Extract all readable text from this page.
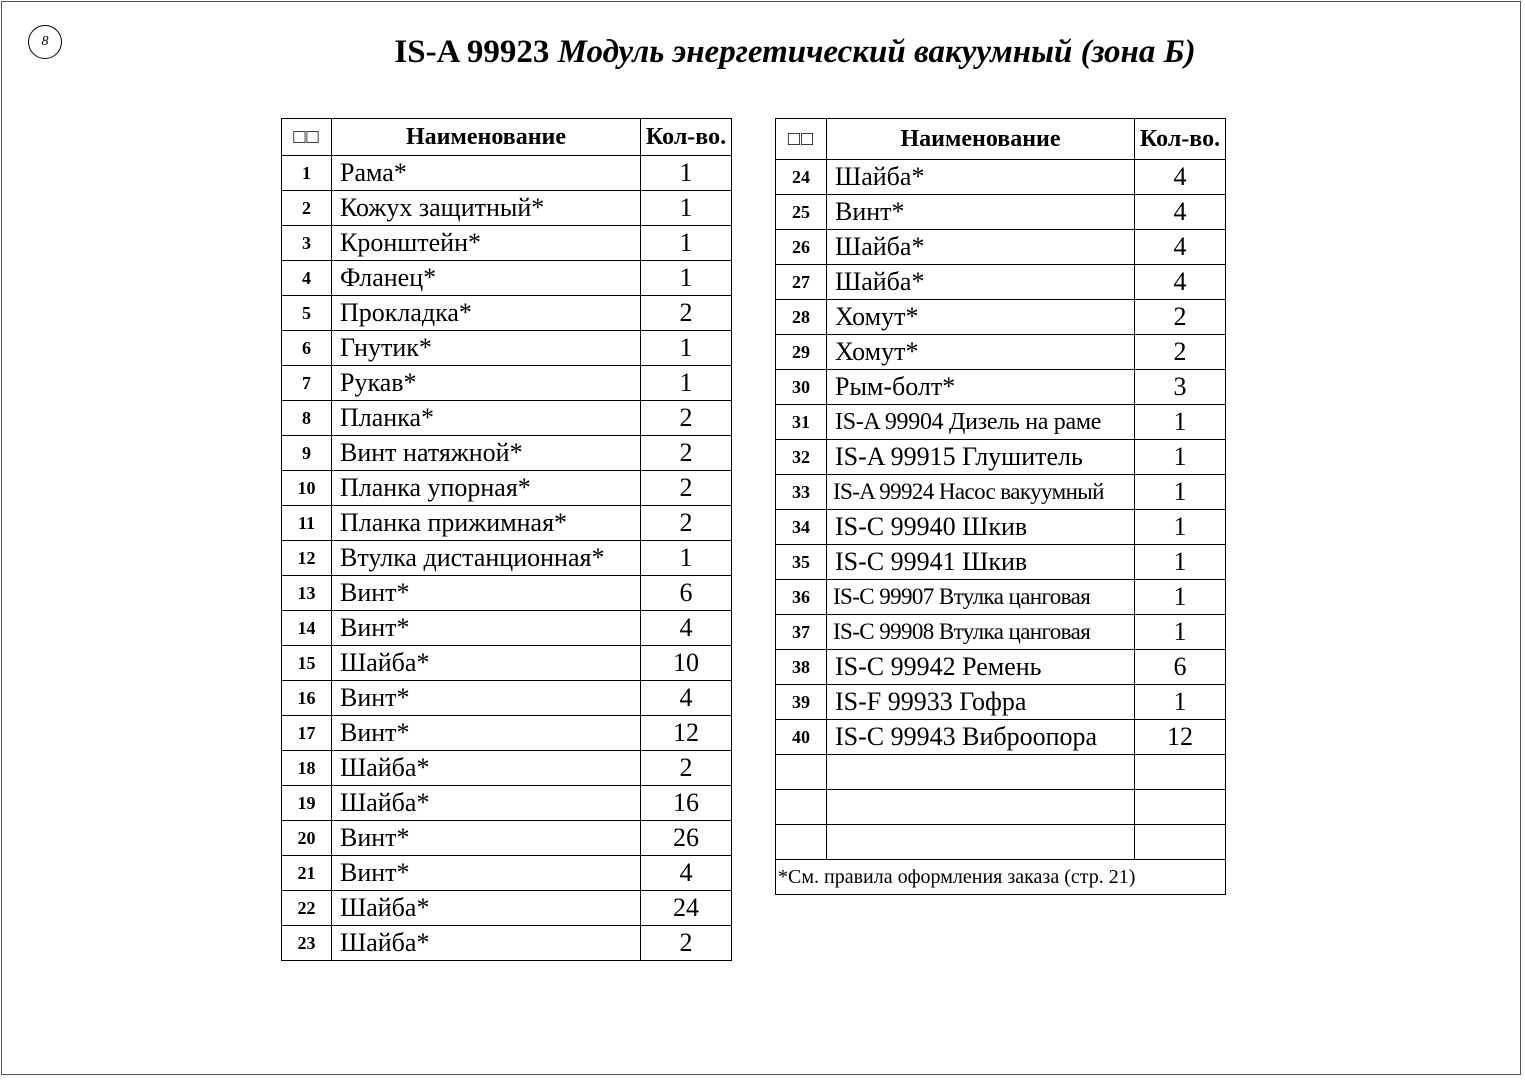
8	IS-A 99923 Модуль энергетический вакуумный (зона Б)
□□	Наименование	Кол-во.
1	Рама*	1
2	Кожух защитный*	1
3	Кронштейн*	1
4	Фланец*	1
5	Прокладка*	2
6	Гнутик*	1
7	Рукав*	1
8	Планка*	2
9	Винт натяжной*	2
10	Планка упорная*	2
11	Планка прижимная*	2
12	Втулка дистанционная*	1
13	Винт*	6
14	Винт*	4
15	Шайба*	10
16	Винт*	4
17	Винт*	12
18	Шайба*	2
19	Шайба*	16
20	Винт*	26
21	Винт*	4
22	Шайба*	24
23	Шайба*	2
□□	Наименование	Кол-во.
24	Шайба*	4
25	Винт*	4
26	Шайба*	4
27	Шайба*	4
28	Хомут*	2
29	Хомут*	2
30	Рым-болт*	3
31	IS-A 99904 Дизель на раме	1
32	IS-A 99915 Глушитель	1
33	IS-A 99924 Насос вакуумный	1
34	IS-C 99940 Шкив	1
35	IS-C 99941 Шкив	1
36	IS-C 99907 Втулка цанговая	1
37	IS-C 99908 Втулка цанговая	1
38	IS-C 99942 Ремень	6
39	IS-F 99933 Гофра	1
40	IS-C 99943 Виброопора	12

*См. правила оформления заказа (стр. 21)		
